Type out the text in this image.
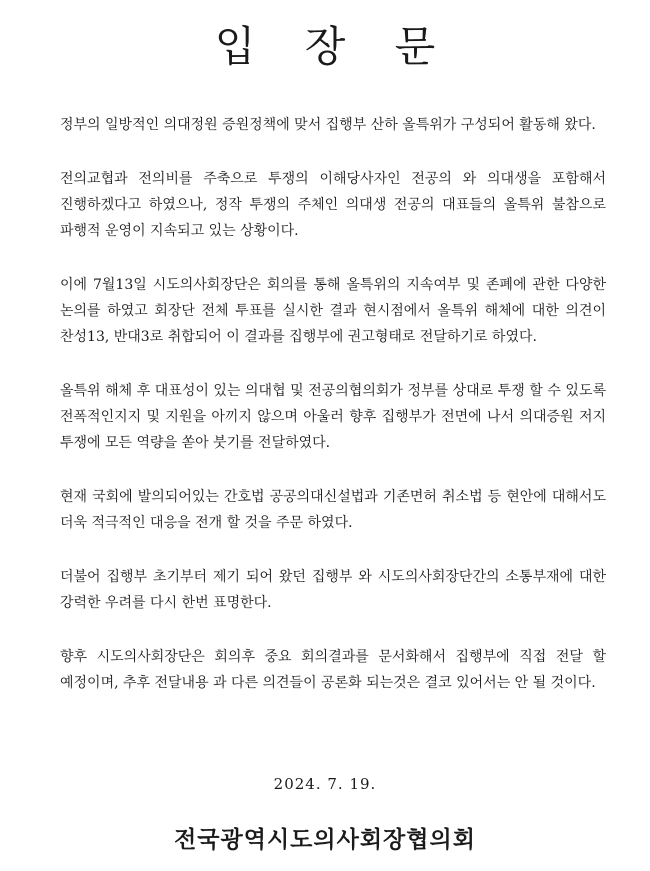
입 장 문

정부의 일방적인 의대정원 증원정책에 맞서 집행부 산하 올특위가 구성되어 활동해 왔다.

전의교협과 전의비를 주축으로 투쟁의 이해당사자인 전공의 와 의대생을 포함해서 진행하겠다고 하였으나, 정작 투쟁의 주체인 의대생 전공의 대표들의 올특위 불참으로 파행적 운영이 지속되고 있는 상황이다.

이에 7월13일 시도의사회장단은 회의를 통해 올특위의 지속여부 및 존폐에 관한 다양한 논의를 하였고 회장단 전체 투표를 실시한 결과 현시점에서 올특위 해체에 대한 의견이 찬성13, 반대3로 취합되어 이 결과를 집행부에 권고형태로 전달하기로 하였다.

올특위 해체 후 대표성이 있는 의대협 및 전공의협의회가 정부를 상대로 투쟁 할 수 있도록 전폭적인지지 및 지원을 아끼지 않으며 아울러 향후 집행부가 전면에 나서 의대증원 저지 투쟁에 모든 역량을 쏟아 붓기를 전달하였다.

현재 국회에 발의되어있는 간호법 공공의대신설법과 기존면허 취소법 등 현안에 대해서도 더욱 적극적인 대응을 전개 할 것을 주문 하였다.

더불어 집행부 초기부터 제기 되어 왔던 집행부 와 시도의사회장단간의 소통부재에 대한 강력한 우려를 다시 한번 표명한다.

향후 시도의사회장단은 회의후 중요 회의결과를 문서화해서 집행부에 직접 전달 할 예정이며, 추후 전달내용 과 다른 의견들이 공론화 되는것은 결코 있어서는 안 될 것이다.

2024. 7. 19.
전국광역시도의사회장협의회
